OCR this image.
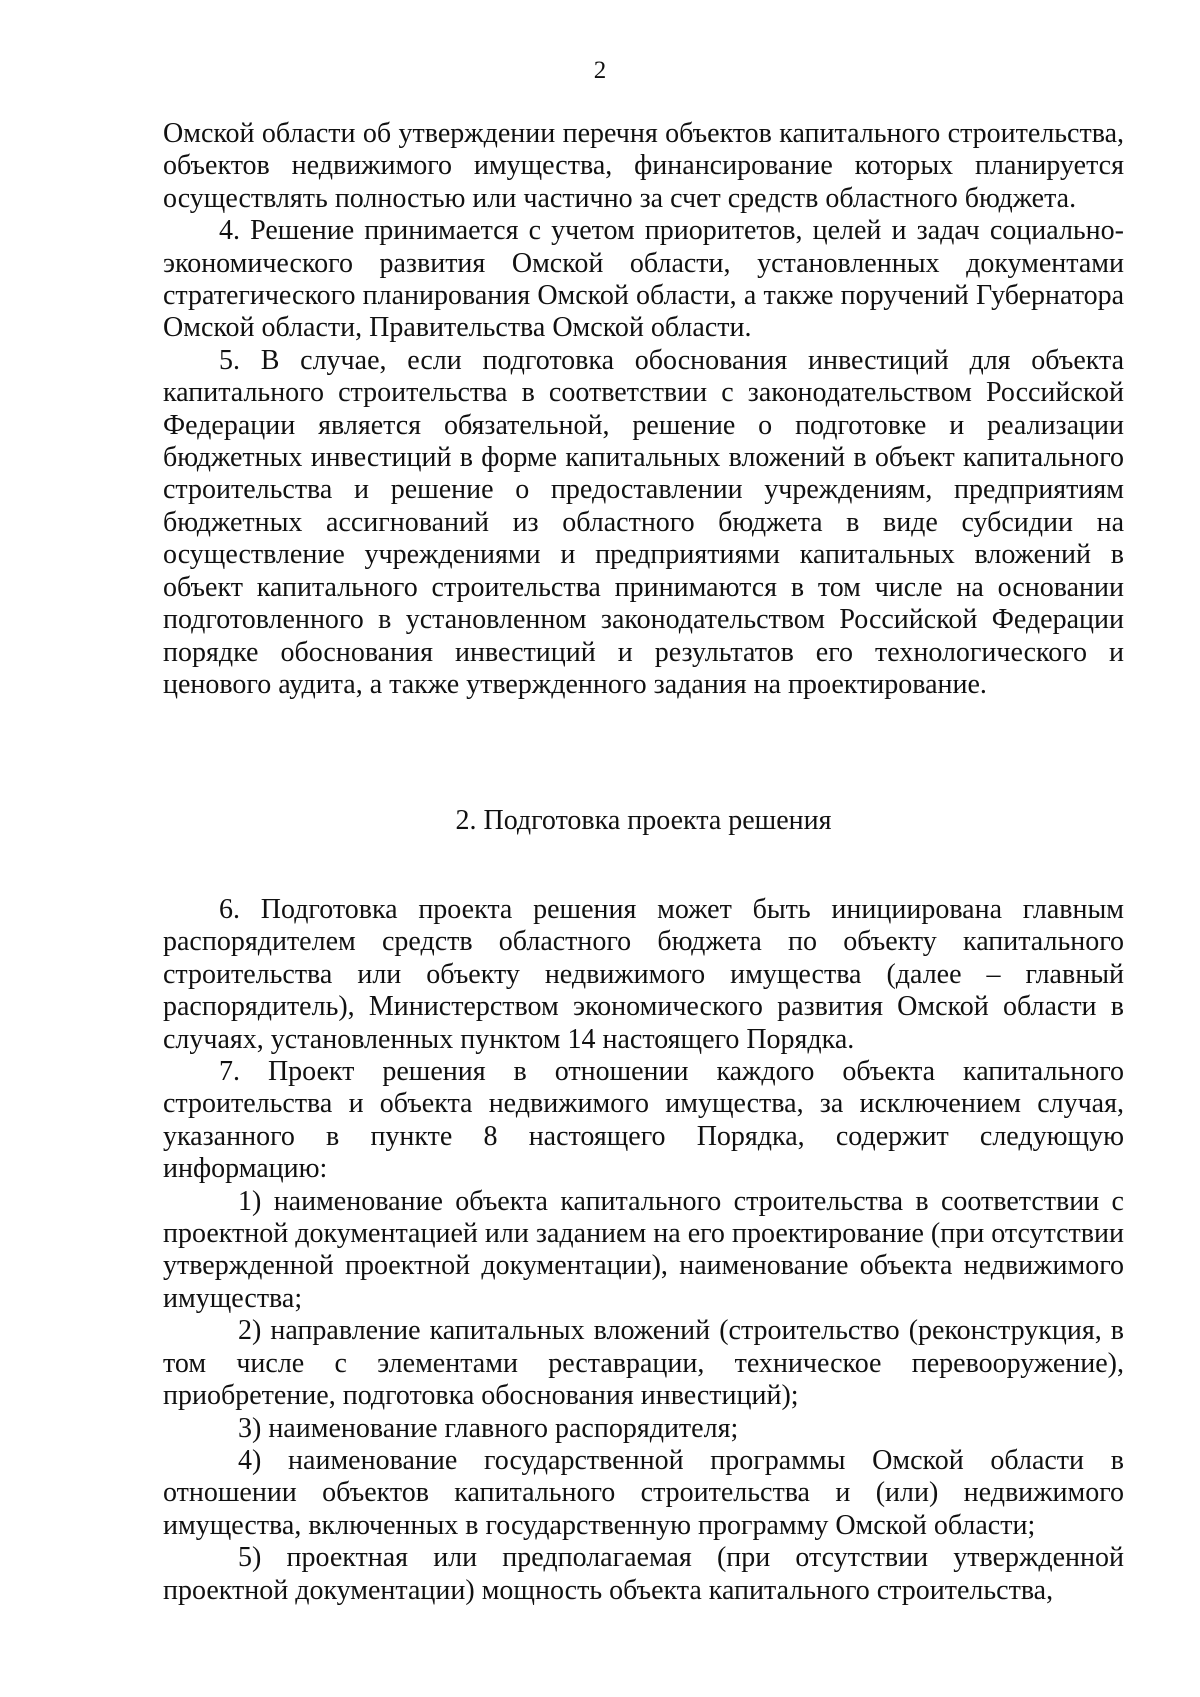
2

Омской области об утверждении перечня объектов капитального строительства, объектов недвижимого имущества, финансирование которых планируется осуществлять полностью или частично за счет средств областного бюджета.

4. Решение принимается с учетом приоритетов, целей и задач социально-экономического развития Омской области, установленных документами стратегического планирования Омской области, а также поручений Губернатора Омской области, Правительства Омской области.

5. В случае, если подготовка обоснования инвестиций для объекта капитального строительства в соответствии с законодательством Российской Федерации является обязательной, решение о подготовке и реализации бюджетных инвестиций в форме капитальных вложений в объект капитального строительства и решение о предоставлении учреждениям, предприятиям бюджетных ассигнований из областного бюджета в виде субсидии на осуществление учреждениями и предприятиями капитальных вложений в объект капитального строительства принимаются в том числе на основании подготовленного в установленном законодательством Российской Федерации порядке обоснования инвестиций и результатов его технологического и ценового аудита, а также утвержденного задания на проектирование.

2. Подготовка проекта решения

6. Подготовка проекта решения может быть инициирована главным распорядителем средств областного бюджета по объекту капитального строительства или объекту недвижимого имущества (далее – главный распорядитель), Министерством экономического развития Омской области в случаях, установленных пунктом 14 настоящего Порядка.

7. Проект решения в отношении каждого объекта капитального строительства и объекта недвижимого имущества, за исключением случая, указанного в пункте 8 настоящего Порядка, содержит следующую информацию:

1) наименование объекта капитального строительства в соответствии с проектной документацией или заданием на его проектирование (при отсутствии утвержденной проектной документации), наименование объекта недвижимого имущества;

2) направление капитальных вложений (строительство (реконструкция, в том числе с элементами реставрации, техническое перевооружение), приобретение, подготовка обоснования инвестиций);

3) наименование главного распорядителя;

4) наименование государственной программы Омской области в отношении объектов капитального строительства и (или) недвижимого имущества, включенных в государственную программу Омской области;

5) проектная или предполагаемая (при отсутствии утвержденной проектной документации) мощность объекта капитального строительства,
